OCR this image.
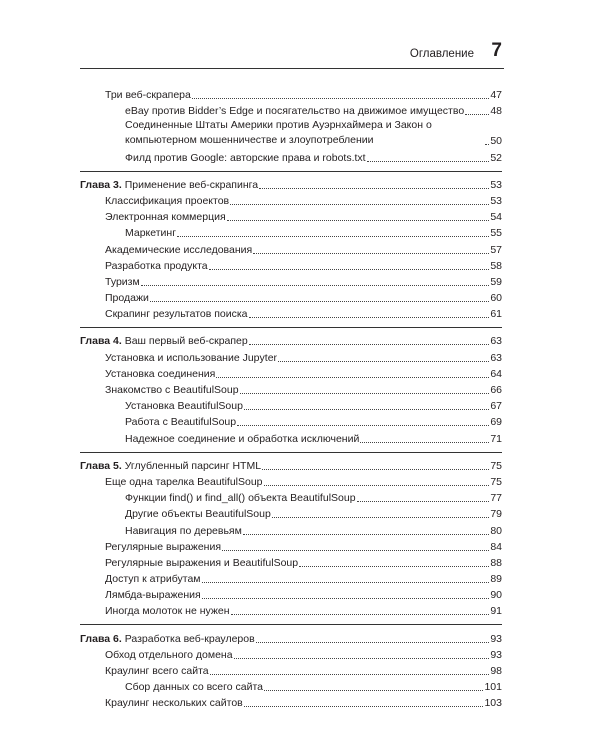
Оглавление 7
Три веб-скрапера	47
eBay против Bidder’s Edge и посягательство на движимое имущество 48
Соединенные Штаты Америки против Ауэрнхаймера и Закон о компьютерном мошенничестве и злоупотреблении	50
Филд против Google: авторские права и robots.txt	52
Глава 3. Применение веб-скрапинга	53
Классификация проектов	53
Электронная коммерция	54
Маркетинг	55
Академические исследования	57
Разработка продукта	58
Туризм	59
Продажи	60
Скрапинг результатов поиска	61
Глава 4. Ваш первый веб-скрапер	63
Установка и использование Jupyter	63
Установка соединения	64
Знакомство с BeautifulSoup	66
Установка BeautifulSoup	67
Работа с BeautifulSoup	69
Надежное соединение и обработка исключений	71
Глава 5. Углубленный парсинг HTML	75
Еще одна тарелка BeautifulSoup	75
Функции find() и find_all() объекта BeautifulSoup	77
Другие объекты BeautifulSoup	79
Навигация по деревьям	80
Регулярные выражения	84
Регулярные выражения и BeautifulSoup	88
Доступ к атрибутам	89
Лямбда-выражения	90
Иногда молоток не нужен	91
Глава 6. Разработка веб-краулеров	93
Обход отдельного домена	93
Краулинг всего сайта	98
Сбор данных со всего сайта	101
Краулинг нескольких сайтов	103
